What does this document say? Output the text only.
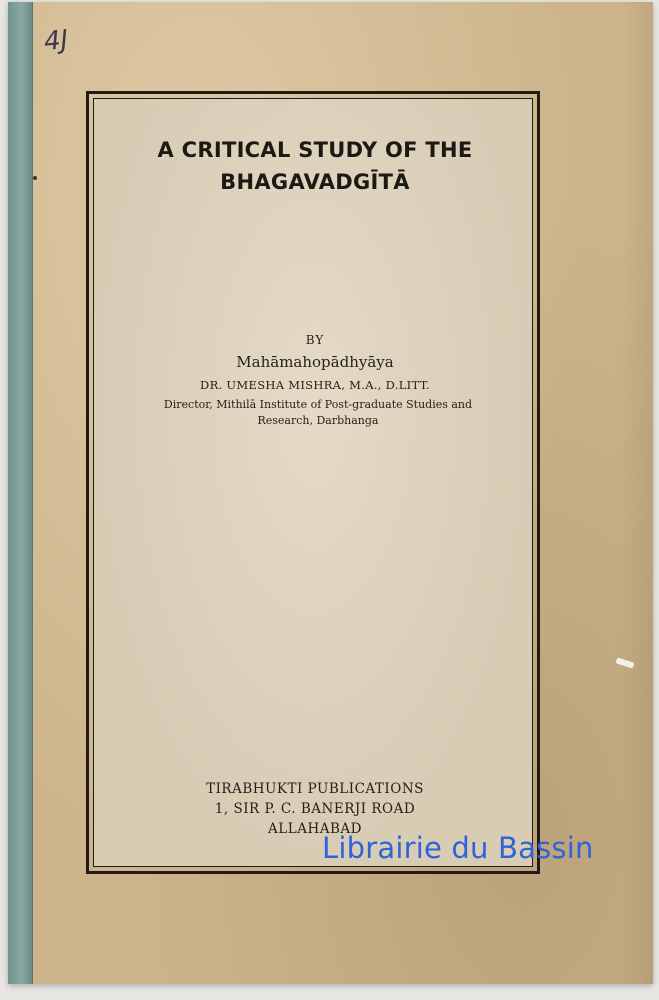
4J
A CRITICAL STUDY OF THE
BHAGAVADGĪTĀ
BY
Mahāmahopādhyāya
DR. UMESHA MISHRA, M.A., D.LITT.
Director, Mithilā Institute of Post-graduate Studies and Research, Darbhanga
TIRABHUKTI PUBLICATIONS
1, SIR P. C. BANERJI ROAD
ALLAHABAD
Librairie du Bassin
